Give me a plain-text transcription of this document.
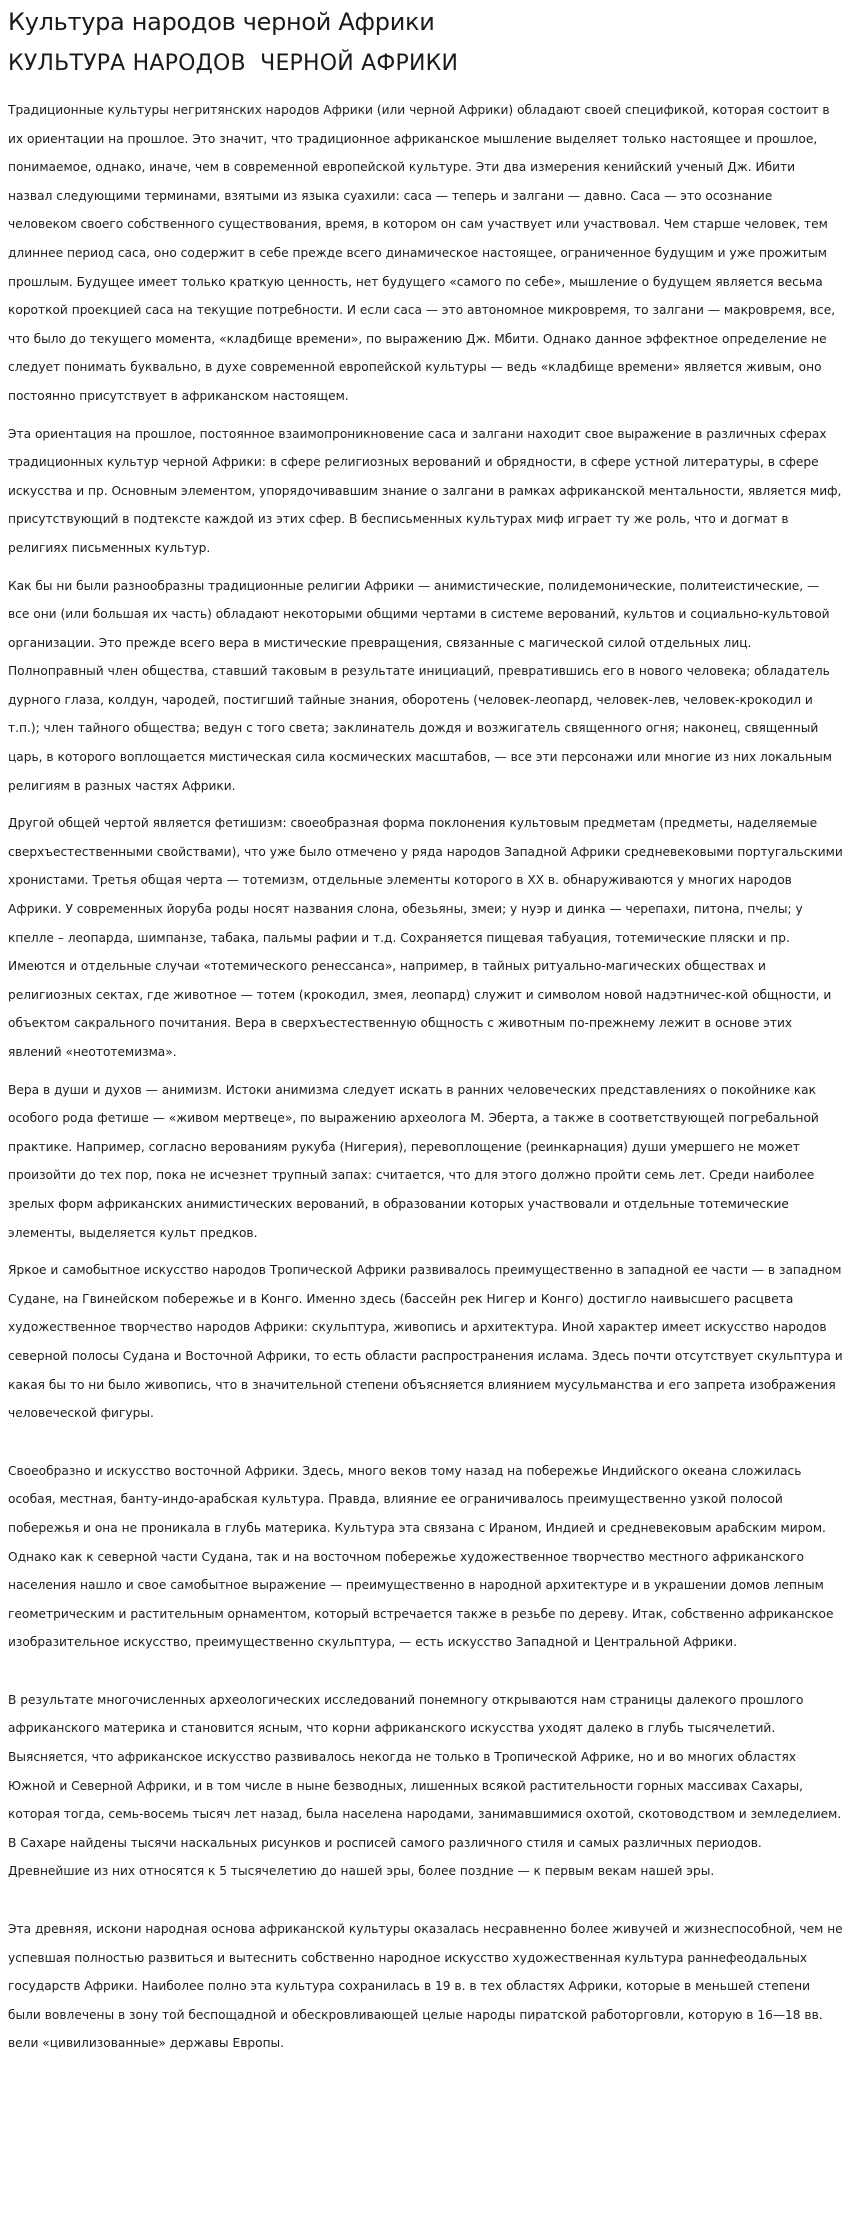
Культура народов черной Африки
КУЛЬТУРА НАРОДОВ  ЧЕРНОЙ АФРИКИ

Традиционные культуры негритянских народов Африки (или черной Африки) обладают своей спецификой, которая состоит в их ориентации на прошлое. Это значит, что традиционное африканское мышление выделяет только настоящее и прошлое, понимаемое, однако, иначе, чем в современной европейской культуре. Эти два измерения кенийский ученый Дж. Ибити назвал следующими терминами, взятыми из языка суахили: саса — теперь и залгани — давно. Саса — это осознание человеком своего собственного существования, время, в котором он сам участвует или участвовал. Чем старше человек, тем длиннее период саса, оно содержит в себе прежде всего динамическое настоящее, ограниченное будущим и уже прожитым прошлым. Будущее имеет только краткую ценность, нет будущего «самого по себе», мышление о будущем является весьма короткой проекцией саса на текущие потребности. И если саса — это автономное микровремя, то залгани — макровремя, все, что было до текущего момента, «кладбище времени», по выражению Дж. Мбити. Однако данное эффектное определение не следует понимать буквально, в духе современной европейской культуры — ведь «кладбище времени» является живым, оно постоянно присутствует в африканском настоящем.

Эта ориентация на прошлое, постоянное взаимопроникновение саса и залгани находит свое выражение в различных сферах традиционных культур черной Африки: в сфере религиозных верований и обрядности, в сфере устной литературы, в сфере искусства и пр. Основным элементом, упорядочивавшим знание о залгани в рамках африканской ментальности, является миф, присутствующий в подтексте каждой из этих сфер. В бесписьменных культурах миф играет ту же роль, что и догмат в религиях письменных культур.

Как бы ни были разнообразны традиционные религии Африки — анимистические, полидемонические, политеистические, — все они (или большая их часть) обладают некоторыми общими чертами в системе верований, культов и социально-культовой организации. Это прежде всего вера в мистические превращения, связанные с магической силой отдельных лиц. Полноправный член общества, ставший таковым в результате инициаций, превратившись его в нового человека; обладатель дурного глаза, колдун, чародей, постигший тайные знания, оборотень (человек-леопард, человек-лев, человек-крокодил и т.п.); член тайного общества; ведун с того света; заклинатель дождя и возжигатель священного огня; наконец, священный царь, в которого воплощается мистическая сила космических масштабов, — все эти персонажи или многие из них локальным религиям в разных частях Африки.

Другой общей чертой является фетишизм: своеобразная форма поклонения культовым предметам (предметы, наделяемые сверхъестественными свойствами), что уже было отмечено у ряда народов Западной Африки средневековыми португальскими хронистами. Третья общая черта — тотемизм, отдельные элементы которого в XX в. обнаруживаются у многих народов Африки. У современных йоруба роды носят названия слона, обезьяны, змеи; у нуэр и динка — черепахи, питона, пчелы; у кпелле – леопарда, шимпанзе, табака, пальмы рафии и т.д. Сохраняется пищевая табуация, тотемические пляски и пр. Имеются и отдельные случаи «тотемического ренессанса», например, в тайных ритуально-магических обществах и религиозных сектах, где животное — тотем (крокодил, змея, леопард) служит и символом новой надэтничес-кой общности, и объектом сакрального почитания. Вера в сверхъестественную общность с животным по-прежнему лежит в основе этих явлений «неототемизма».

Вера в души и духов — анимизм. Истоки анимизма следует искать в ранних человеческих представлениях о покойнике как особого рода фетише — «живом мертвеце», по выражению археолога М. Эберта, а также в соответствующей погребальной практике. Например, согласно верованиям рукуба (Нигерия), перевоплощение (реинкарнация) души умершего не может произойти до тех пор, пока не исчезнет трупный запах: считается, что для этого должно пройти семь лет. Среди наиболее зрелых форм африканских анимистических верований, в образовании которых участвовали и отдельные тотемические элементы, выделяется культ предков.

Яркое и самобытное искусство народов Тропической Африки развивалось преимущественно в западной ее части — в западном Судане, на Гвинейском побережье и в Конго. Именно здесь (бассейн рек Нигер и Конго) достигло наивысшего расцвета художественное творчество народов Африки: скульптура, живопись и архитектура. Иной характер имеет искусство народов северной полосы Судана и Восточной Африки, то есть области распространения ислама. Здесь почти отсутствует скульптура и какая бы то ни было живопись, что в значительной степени объясняется влиянием мусульманства и его запрета изображения человеческой фигуры.

Своеобразно и искусство восточной Африки. Здесь, много веков тому назад на побережье Индийского океана сложилась особая, местная, банту-индо-арабская культура. Правда, влияние ее ограничивалось преимущественно узкой полосой побережья и она не проникала в глубь материка. Культура эта связана с Ираном, Индией и средневековым арабским миром. Однако как к северной части Судана, так и на восточном побережье художественное творчество местного африканского населения нашло и свое самобытное выражение — преимущественно в народной архитектуре и в украшении домов лепным геометрическим и растительным орнаментом, который встречается также в резьбе по дереву. Итак, собственно африканское изобразительное искусство, преимущественно скульптура, — есть искусство Западной и Центральной Африки.

В результате многочисленных археологических исследований понемногу открываются нам страницы далекого прошлого африканского материка и становится ясным, что корни африканского искусства уходят далеко в глубь тысячелетий. Выясняется, что африканское искусство развивалось некогда не только в Тропической Африке, но и во многих областях Южной и Северной Африки, и в том числе в ныне безводных, лишенных всякой растительности горных массивах Сахары, которая тогда, семь-восемь тысяч лет назад, была населена народами, занимавшимися охотой, скотоводством и земледелием. В Сахаре найдены тысячи наскальных рисунков и росписей самого различного стиля и самых различных периодов. Древнейшие из них относятся к 5 тысячелетию до нашей эры, более поздние — к первым векам нашей эры.

Эта древняя, искони народная основа африканской культуры оказалась несравненно более живучей и жизнеспособной, чем не успевшая полностью развиться и вытеснить собственно народное искусство художественная культура раннефеодальных государств Африки. Наиболее полно эта культура сохранилась в 19 в. в тех областях Африки, которые в меньшей степени были вовлечены в зону той беспощадной и обескровливающей целые народы пиратской работорговли, которую в 16—18 вв. вели «цивилизованные» державы Европы.
